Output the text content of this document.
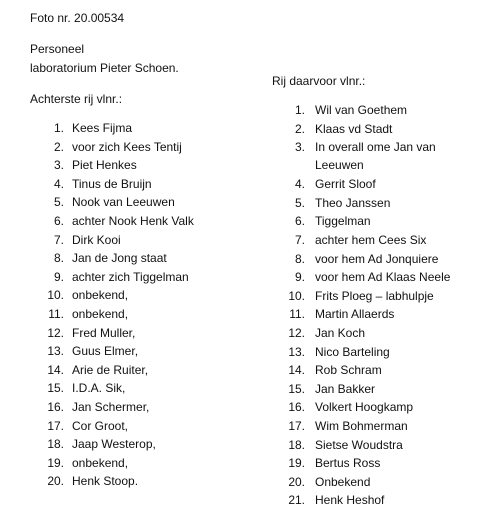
Foto nr. 20.00534
Personeel
laboratorium Pieter Schoen.
Achterste rij vlnr.:
Rij daarvoor vlnr.:
1. Kees Fijma
2. voor zich Kees Tentij
3. Piet Henkes
4. Tinus de Bruijn
5. Nook van Leeuwen
6. achter Nook Henk Valk
7. Dirk Kooi
8. Jan de Jong staat
9. achter zich Tiggelman
10. onbekend,
11. onbekend,
12. Fred Muller,
13. Guus Elmer,
14. Arie de Ruiter,
15. I.D.A. Sik,
16. Jan Schermer,
17. Cor Groot,
18. Jaap Westerop,
19. onbekend,
20. Henk Stoop.
1. Wil van Goethem
2. Klaas vd Stadt
3. In overall ome Jan van Leeuwen
4. Gerrit Sloof
5. Theo Janssen
6. Tiggelman
7. achter hem Cees Six
8. voor hem Ad Jonquiere
9. voor hem Ad Klaas Neele
10. Frits Ploeg – labhulpje
11. Martin Allaerds
12. Jan Koch
13. Nico Barteling
14. Rob Schram
15. Jan Bakker
16. Volkert Hoogkamp
17. Wim Bohmerman
18. Sietse Woudstra
19. Bertus Ross
20. Onbekend
21. Henk Heshof
